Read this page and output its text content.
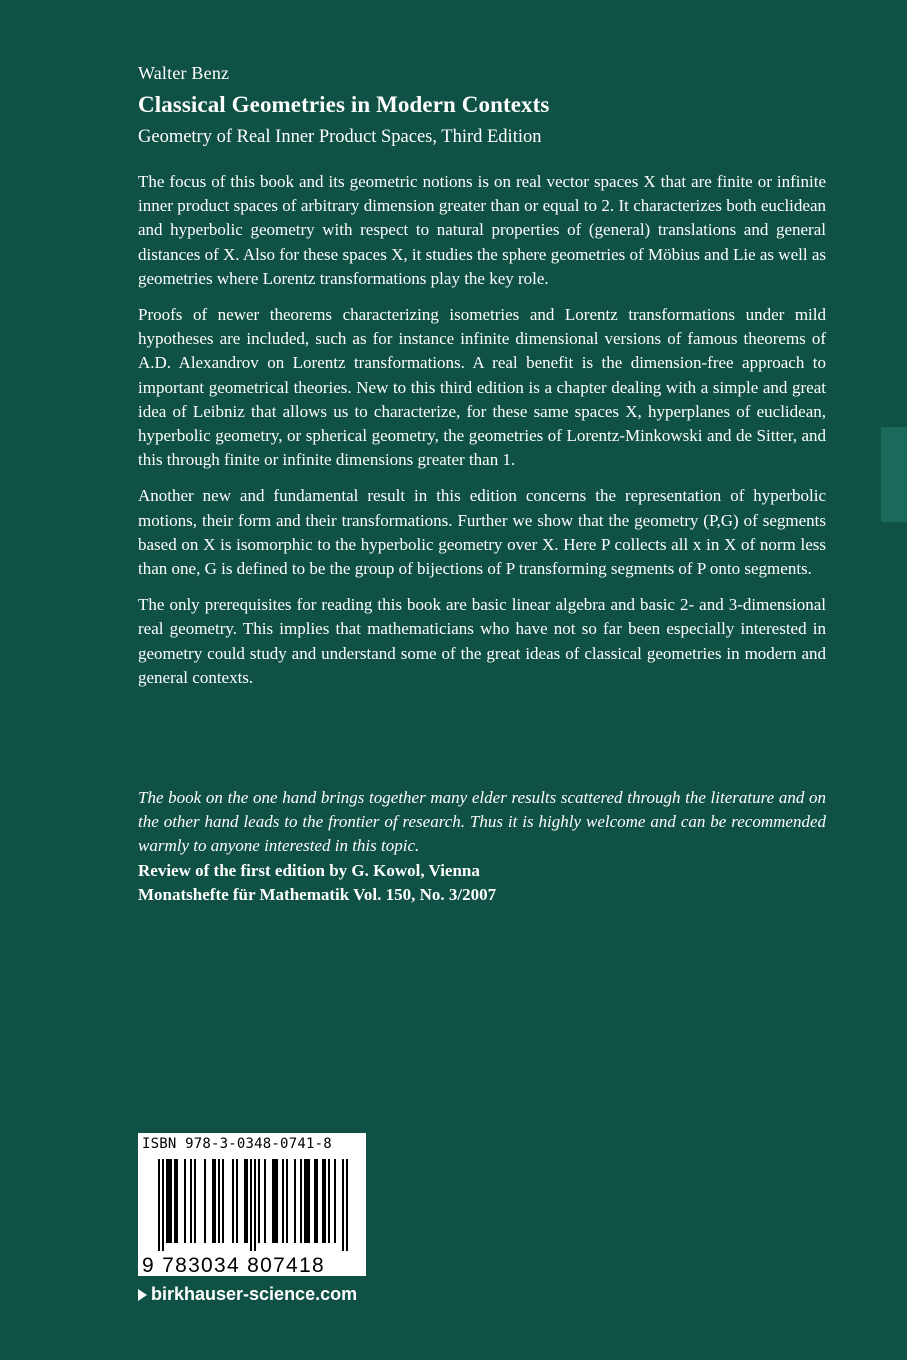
Walter Benz
Classical Geometries in Modern Contexts
Geometry of Real Inner Product Spaces, Third Edition

The focus of this book and its geometric notions is on real vector spaces X that are finite or infinite inner product spaces of arbitrary dimension greater than or equal to 2. It characterizes both euclidean and hyperbolic geometry with respect to natural properties of (general) translations and general distances of X. Also for these spaces X, it studies the sphere geometries of Möbius and Lie as well as geometries where Lorentz transformations play the key role.

Proofs of newer theorems characterizing isometries and Lorentz transformations under mild hypotheses are included, such as for instance infinite dimensional versions of famous theorems of A.D. Alexandrov on Lorentz transformations. A real benefit is the dimension-free approach to important geometrical theories. New to this third edition is a chapter dealing with a simple and great idea of Leibniz that allows us to characterize, for these same spaces X, hyperplanes of euclidean, hyperbolic geometry, or spherical geometry, the geometries of Lorentz-Minkowski and de Sitter, and this through finite or infinite dimensions greater than 1.

Another new and fundamental result in this edition concerns the representation of hyperbolic motions, their form and their transformations. Further we show that the geometry (P,G) of segments based on X is isomorphic to the hyperbolic geometry over X. Here P collects all x in X of norm less than one, G is defined to be the group of bijections of P transforming segments of P onto segments.

The only prerequisites for reading this book are basic linear algebra and basic 2- and 3-dimensional real geometry. This implies that mathematicians who have not so far been especially interested in geometry could study and understand some of the great ideas of classical geometries in modern and general contexts.

The book on the one hand brings together many elder results scattered through the literature and on the other hand leads to the frontier of research. Thus it is highly welcome and can be recommended warmly to anyone interested in this topic.
Review of the first edition by G. Kowol, Vienna
Monatshefte für Mathematik Vol. 150, No. 3/2007
ISBN 978-3-0348-0741-8
9 783034 807418
birkhauser-science.com
